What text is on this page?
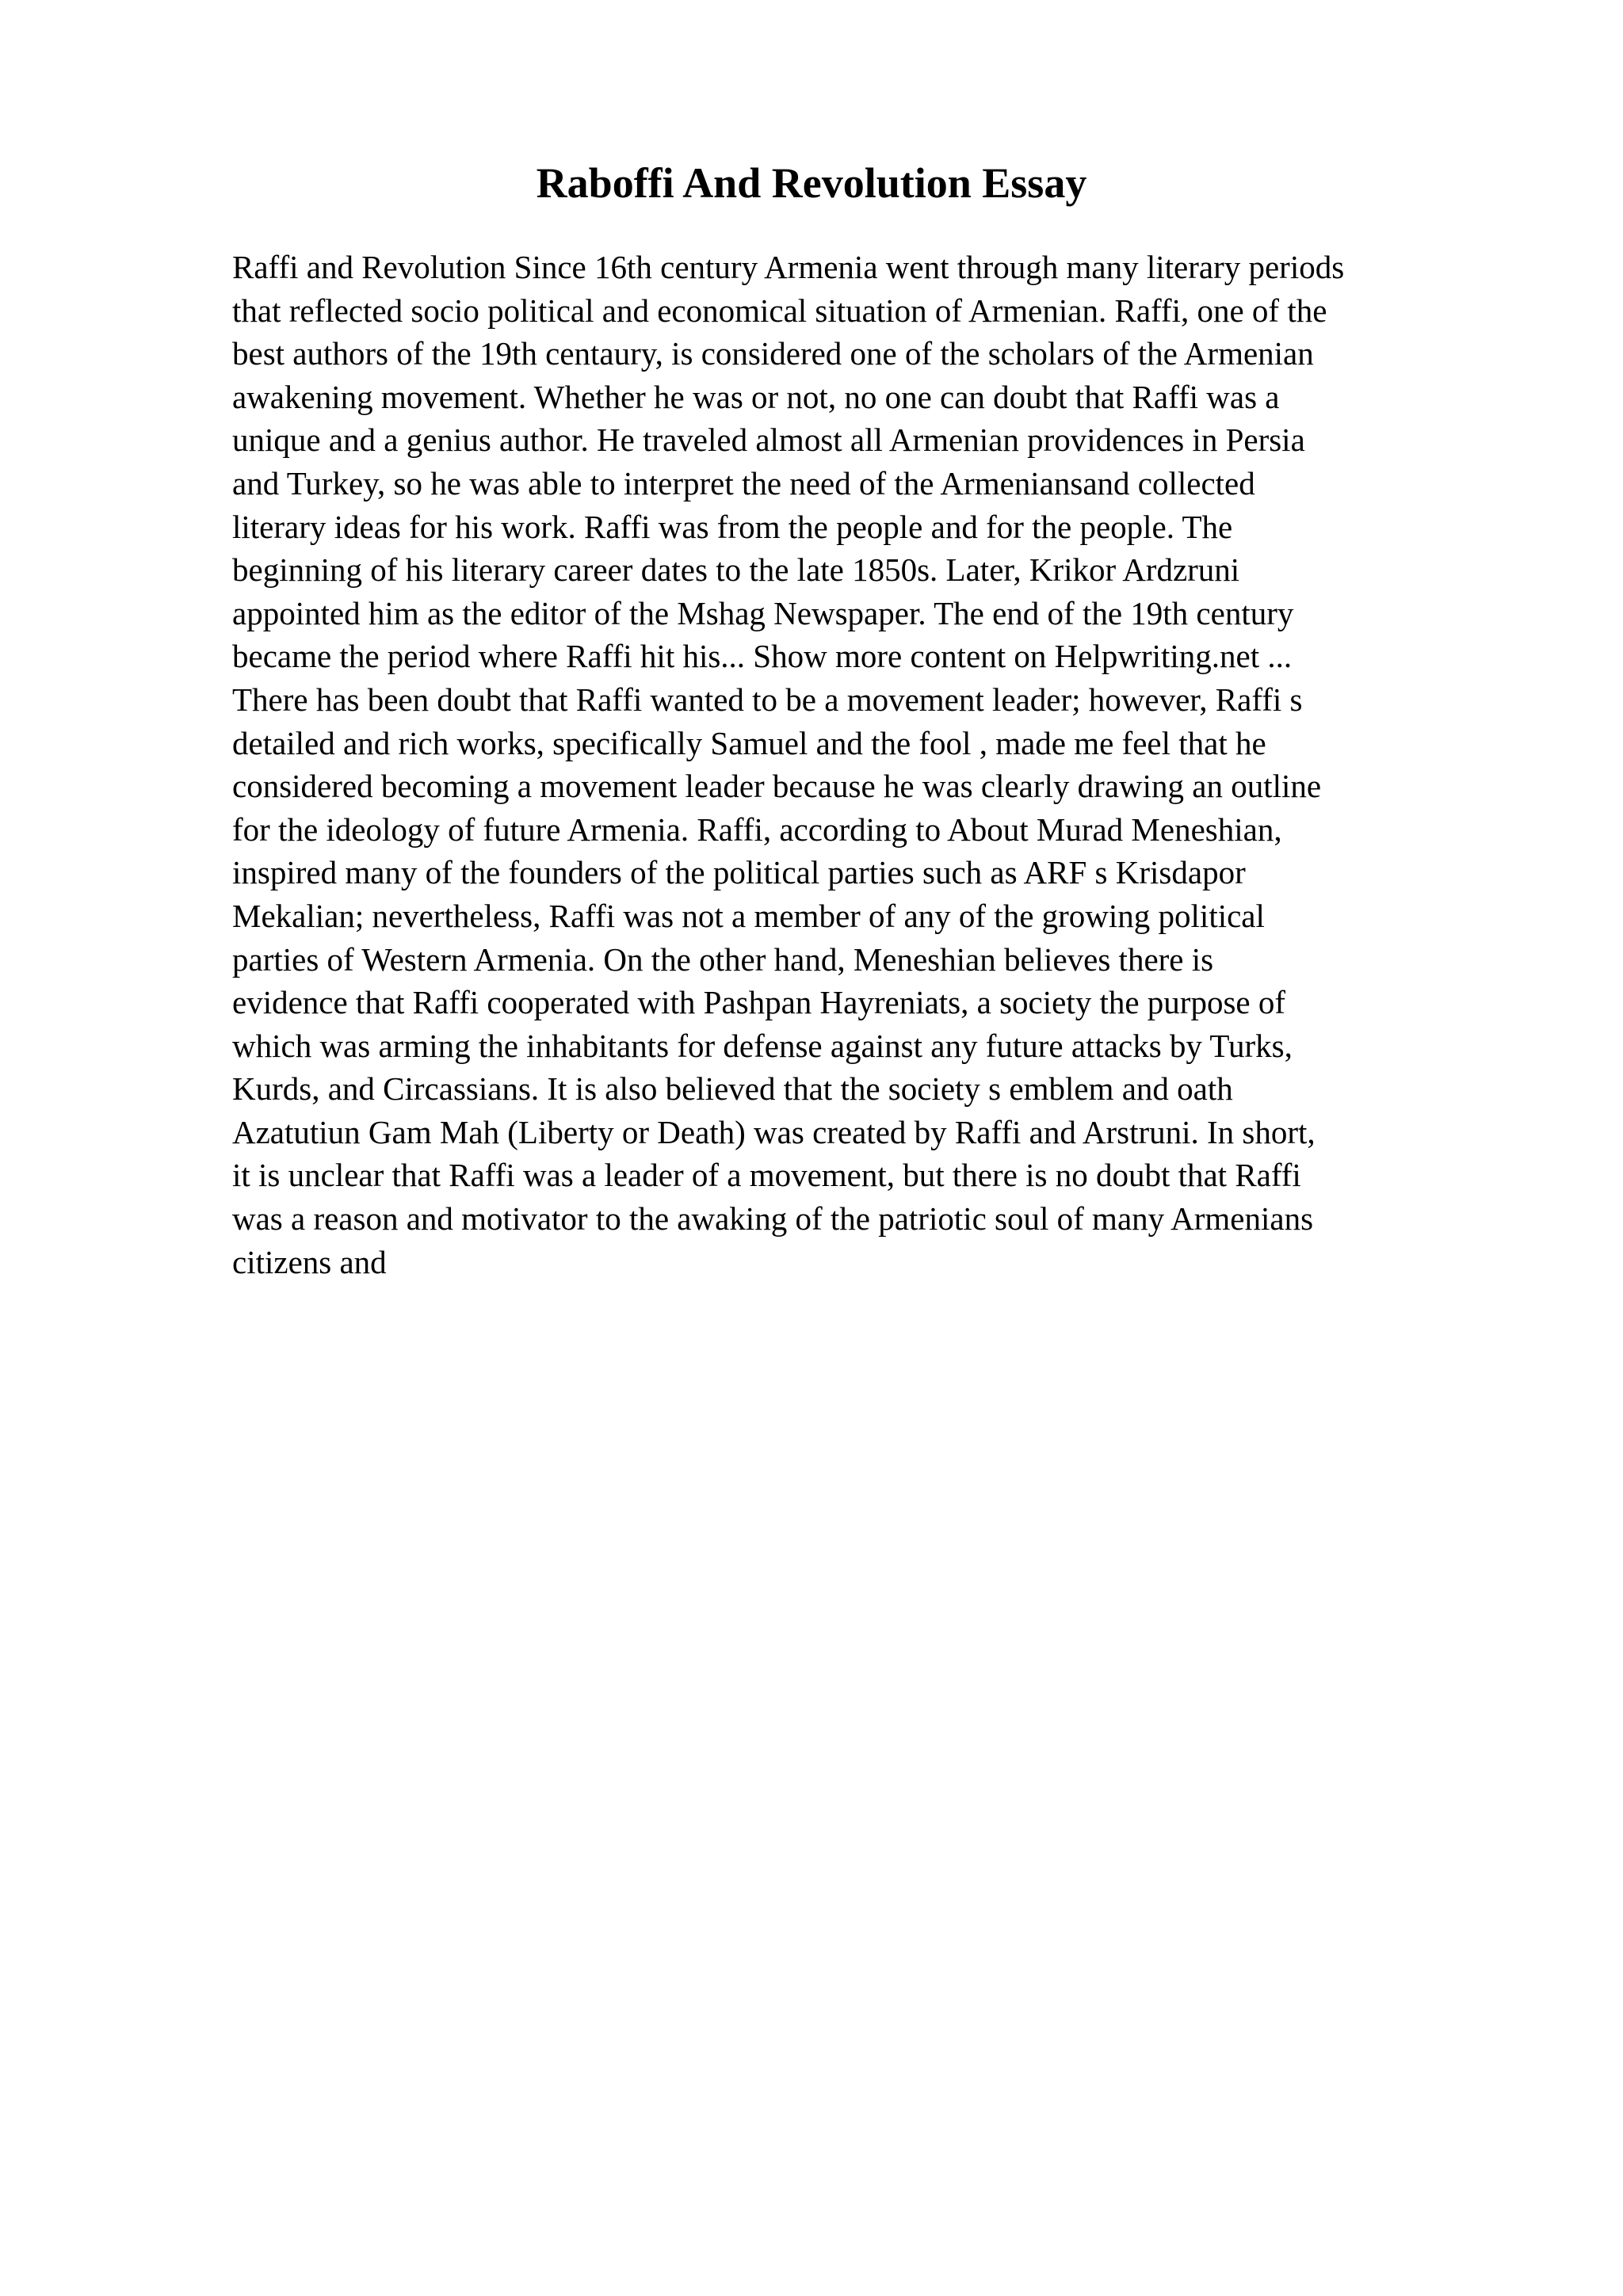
Raboffi And Revolution Essay
Raffi and Revolution Since 16th century Armenia went through many literary periods
that reflected socio political and economical situation of Armenian. Raffi, one of the
best authors of the 19th centaury, is considered one of the scholars of the Armenian
awakening movement. Whether he was or not, no one can doubt that Raffi was a
unique and a genius author. He traveled almost all Armenian providences in Persia
and Turkey, so he was able to interpret the need of the Armeniansand collected
literary ideas for his work. Raffi was from the people and for the people. The
beginning of his literary career dates to the late 1850s. Later, Krikor Ardzruni
appointed him as the editor of the Mshag Newspaper. The end of the 19th century
became the period where Raffi hit his... Show more content on Helpwriting.net ...
There has been doubt that Raffi wanted to be a movement leader; however, Raffi s
detailed and rich works, specifically Samuel and the fool , made me feel that he
considered becoming a movement leader because he was clearly drawing an outline
for the ideology of future Armenia. Raffi, according to About Murad Meneshian,
inspired many of the founders of the political parties such as ARF s Krisdapor
Mekalian; nevertheless, Raffi was not a member of any of the growing political
parties of Western Armenia. On the other hand, Meneshian believes there is
evidence that Raffi cooperated with Pashpan Hayreniats, a society the purpose of
which was arming the inhabitants for defense against any future attacks by Turks,
Kurds, and Circassians. It is also believed that the society s emblem and oath
Azatutiun Gam Mah (Liberty or Death) was created by Raffi and Arstruni. In short,
it is unclear that Raffi was a leader of a movement, but there is no doubt that Raffi
was a reason and motivator to the awaking of the patriotic soul of many Armenians
citizens and
